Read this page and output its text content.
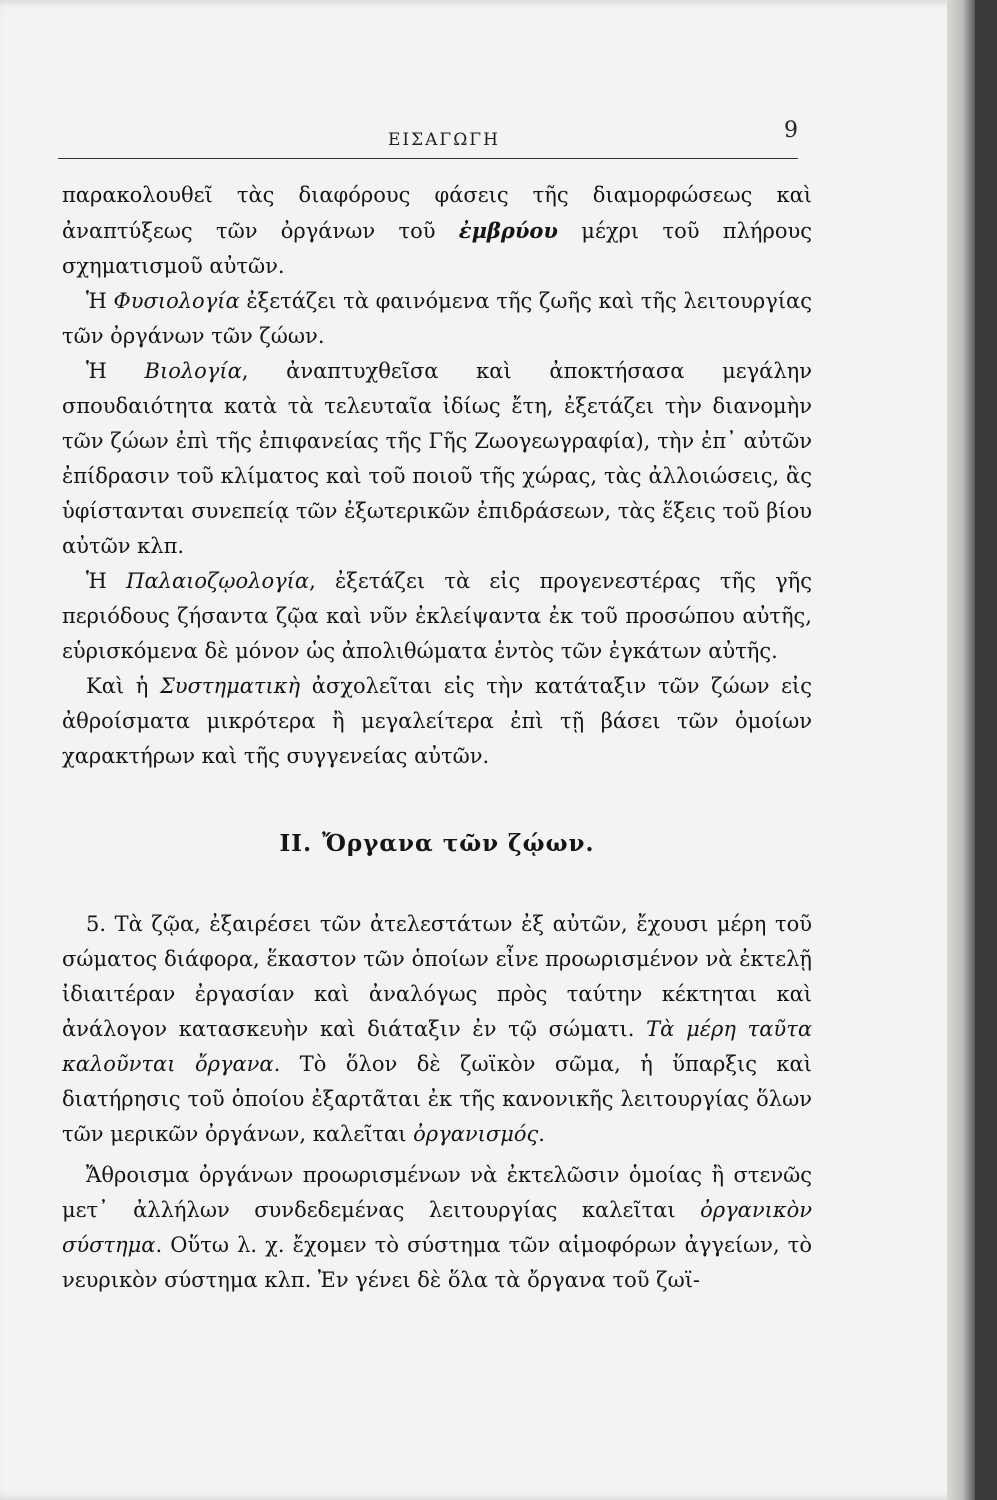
ΕΙΣΑΓΩΓΗ	9

παρακολουθεῖ τὰς διαφόρους φάσεις τῆς διαμορφώσεως καὶ ἀναπτύξεως τῶν ὀργάνων τοῦ ἐμβρύου μέχρι τοῦ πλήρους σχηματισμοῦ αὐτῶν.

Ἡ Φυσιολογία ἐξετάζει τὰ φαινόμενα τῆς ζωῆς καὶ τῆς λειτουργίας τῶν ὀργάνων τῶν ζώων.

Ἡ Βιολογία, ἀναπτυχθεῖσα καὶ ἀποκτήσασα μεγάλην σπουδαιότητα κατὰ τὰ τελευταῖα ἰδίως ἔτη, ἐξετάζει τὴν διανομὴν τῶν ζώων ἐπὶ τῆς ἐπιφανείας τῆς Γῆς Ζωογεωγραφία), τὴν ἐπ᾽ αὐτῶν ἐπίδρασιν τοῦ κλίματος καὶ τοῦ ποιοῦ τῆς χώρας, τὰς ἀλλοιώσεις, ἃς ὑφίστανται συνεπείᾳ τῶν ἐξωτερικῶν ἐπιδράσεων, τὰς ἕξεις τοῦ βίου αὐτῶν κλπ.

Ἡ Παλαιοζῳολογία, ἐξετάζει τὰ εἰς προγενεστέρας τῆς γῆς περιόδους ζήσαντα ζῷα καὶ νῦν ἐκλείψαντα ἐκ τοῦ προσώπου αὐτῆς, εὑρισκόμενα δὲ μόνον ὡς ἀπολιθώματα ἐντὸς τῶν ἐγκάτων αὐτῆς.

Καὶ ἡ Συστηματικὴ ἀσχολεῖται εἰς τὴν κατάταξιν τῶν ζώων εἰς ἀθροίσματα μικρότερα ἢ μεγαλείτερα ἐπὶ τῇ βάσει τῶν ὁμοίων χαρακτήρων καὶ τῆς συγγενείας αὐτῶν.

II. Ὄργανα τῶν ζῴων.

5. Τὰ ζῷα, ἐξαιρέσει τῶν ἀτελεστάτων ἐξ αὐτῶν, ἔχουσι μέρη τοῦ σώματος διάφορα, ἕκαστον τῶν ὁποίων εἶνε προωρισμένον νὰ ἐκτελῇ ἰδιαιτέραν ἐργασίαν καὶ ἀναλόγως πρὸς ταύτην κέκτηται καὶ ἀνάλογον κατασκευὴν καὶ διάταξιν ἐν τῷ σώματι. Τὰ μέρη ταῦτα καλοῦνται ὄργανα. Τὸ ὅλον δὲ ζωϊκὸν σῶμα, ἡ ὕπαρξις καὶ διατήρησις τοῦ ὁποίου ἐξαρτᾶται ἐκ τῆς κανονικῆς λειτουργίας ὅλων τῶν μερικῶν ὀργάνων, καλεῖται ὀργανισμός.

Ἄθροισμα ὀργάνων προωρισμένων νὰ ἐκτελῶσιν ὁμοίας ἢ στενῶς μετ᾽ ἀλλήλων συνδεδεμένας λειτουργίας καλεῖται ὀργανικὸν σύστημα. Οὕτω λ. χ. ἔχομεν τὸ σύστημα τῶν αἱμοφόρων ἀγγείων, τὸ νευρικὸν σύστημα κλπ. Ἐν γένει δὲ ὅλα τὰ ὄργανα τοῦ ζωϊ-
